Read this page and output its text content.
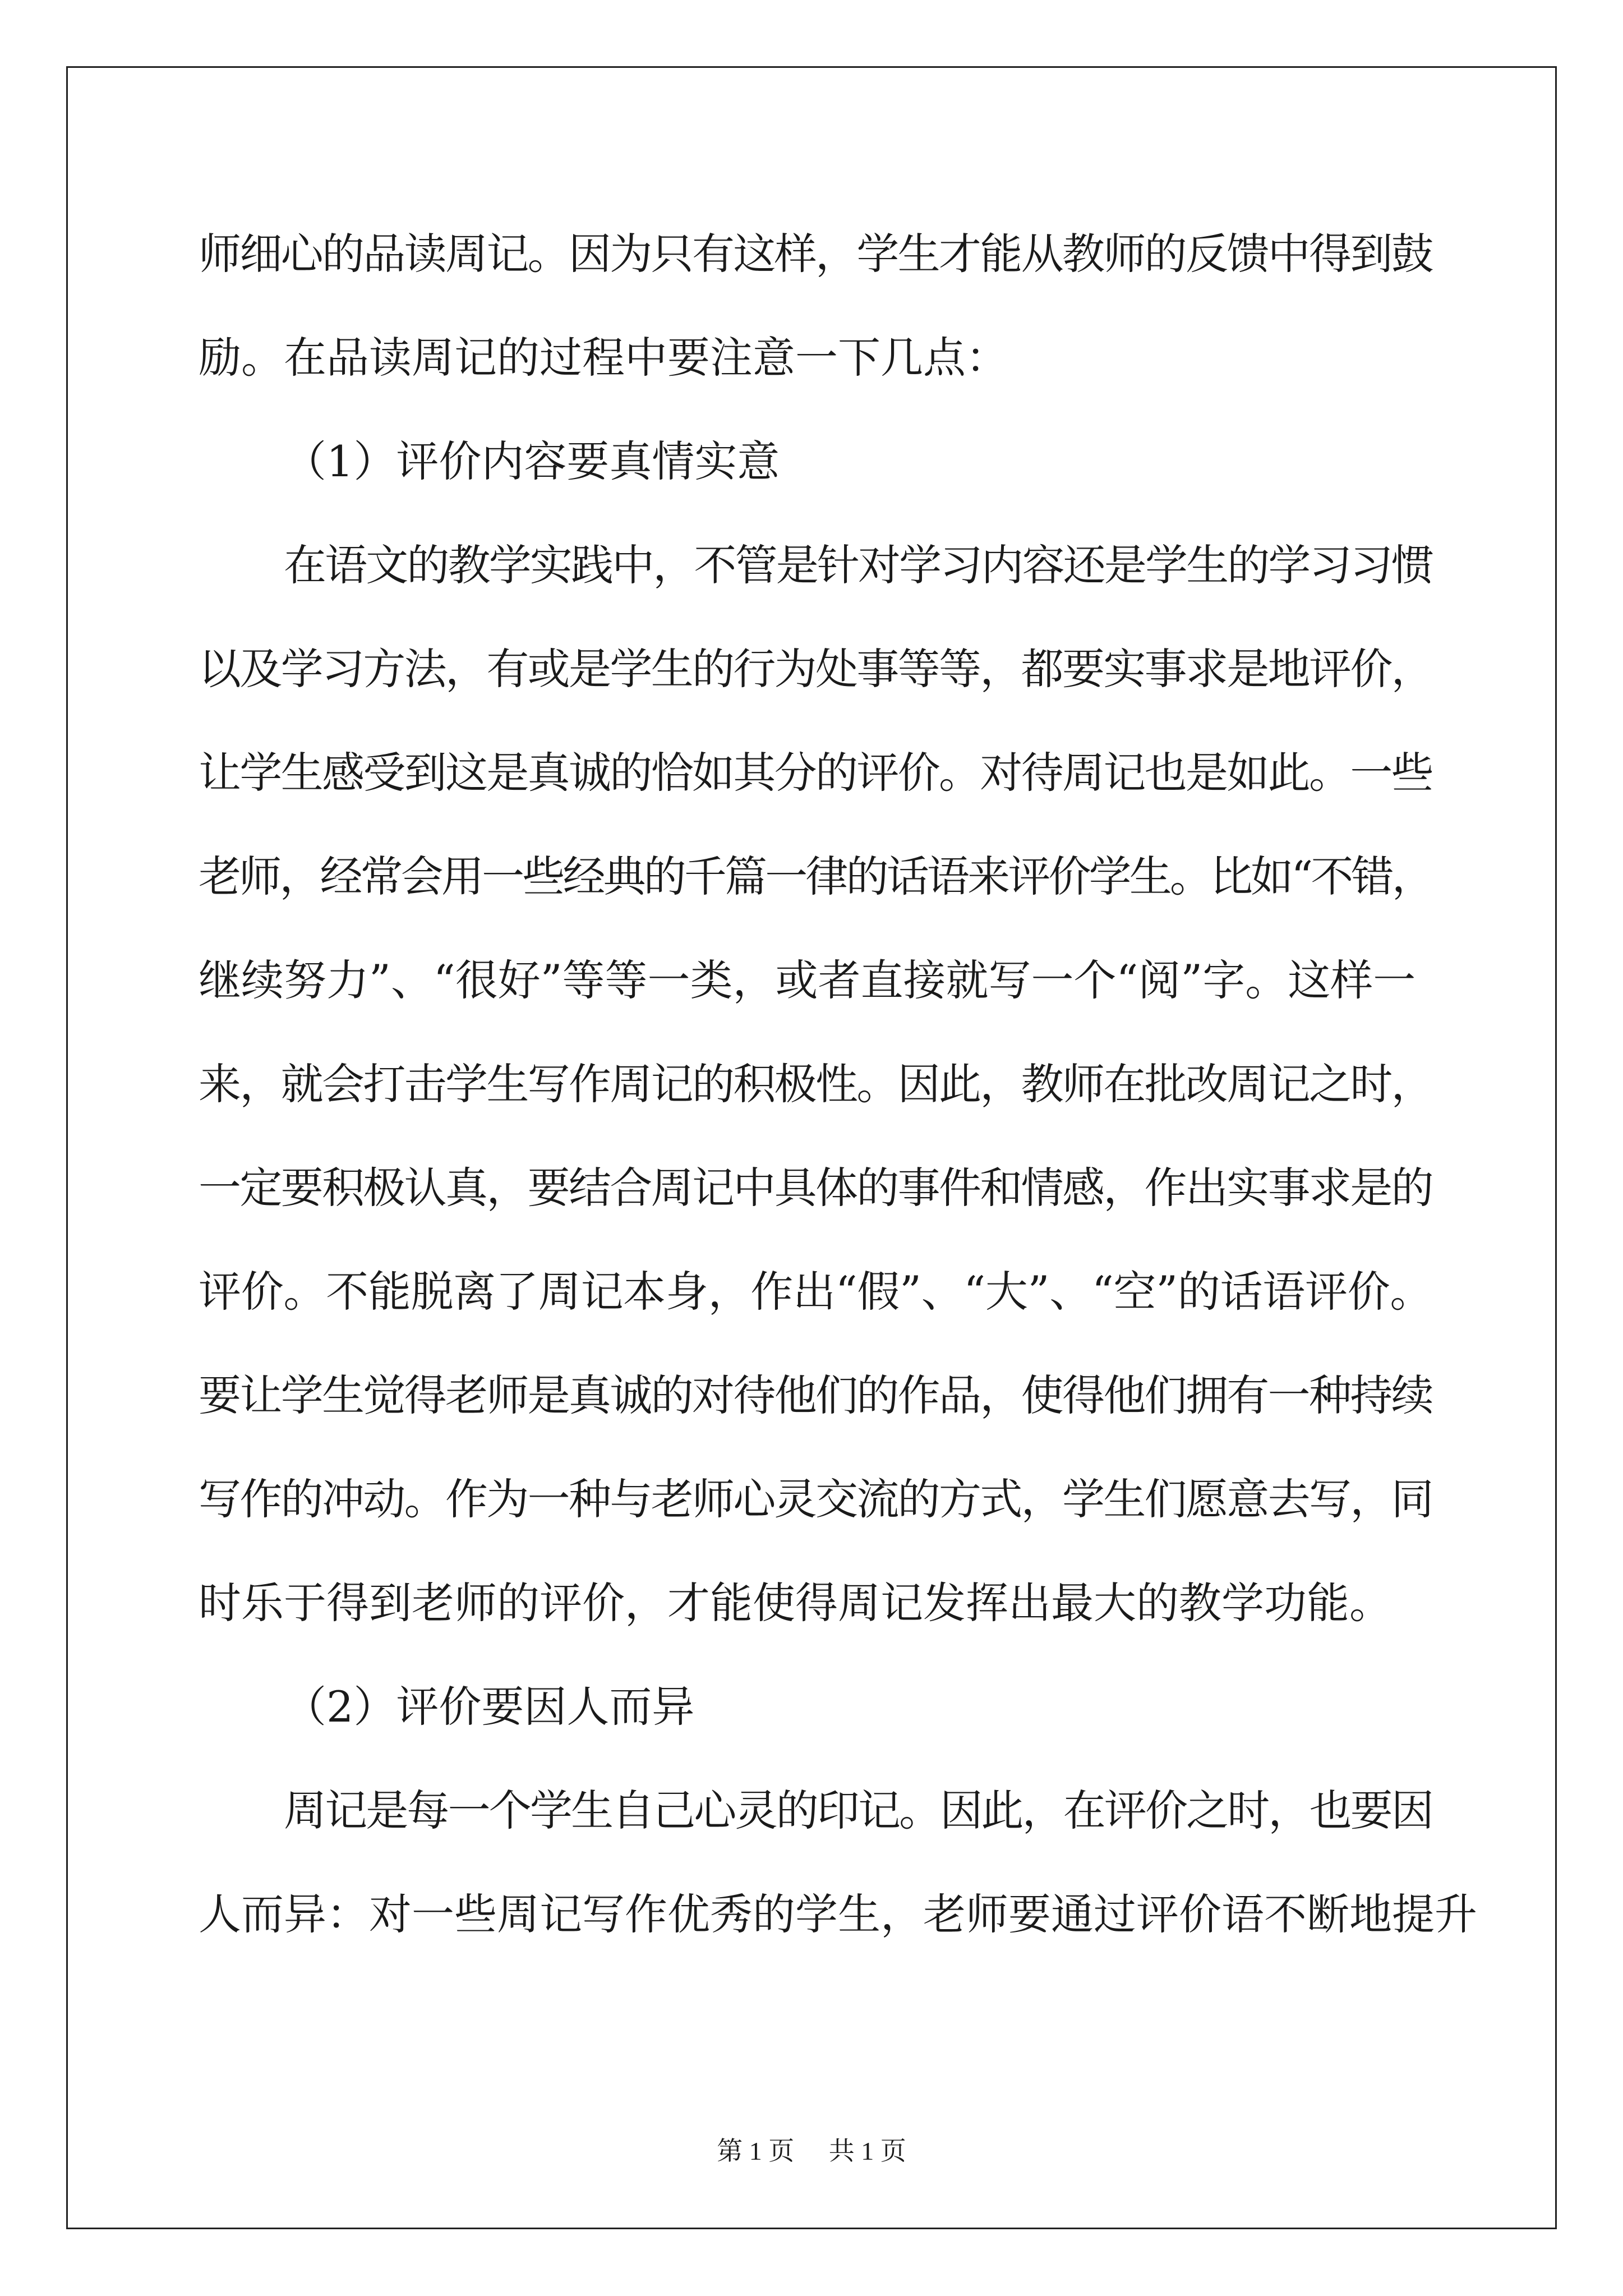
师细心的品读周记。因为只有这样，学生才能从教师的反馈中得到鼓
励。在品读周记的过程中要注意一下几点：
（1）评价内容要真情实意
在语文的教学实践中，不管是针对学习内容还是学生的学习习惯
以及学习方法，有或是学生的行为处事等等，都要实事求是地评价，
让学生感受到这是真诚的恰如其分的评价。对待周记也是如此。一些
老师，经常会用一些经典的千篇一律的话语来评价学生。比如“不错，
继续努力”、“很好”等等一类，或者直接就写一个“阅”字。这样一
来，就会打击学生写作周记的积极性。因此，教师在批改周记之时，
一定要积极认真，要结合周记中具体的事件和情感，作出实事求是的
评价。不能脱离了周记本身，作出“假”、“大”、“空”的话语评价。
要让学生觉得老师是真诚的对待他们的作品，使得他们拥有一种持续
写作的冲动。作为一种与老师心灵交流的方式，学生们愿意去写，同
时乐于得到老师的评价，才能使得周记发挥出最大的教学功能。
（2）评价要因人而异
周记是每一个学生自己心灵的印记。因此，在评价之时，也要因
人而异：对一些周记写作优秀的学生，老师要通过评价语不断地提升
第 1 页 共 1 页
